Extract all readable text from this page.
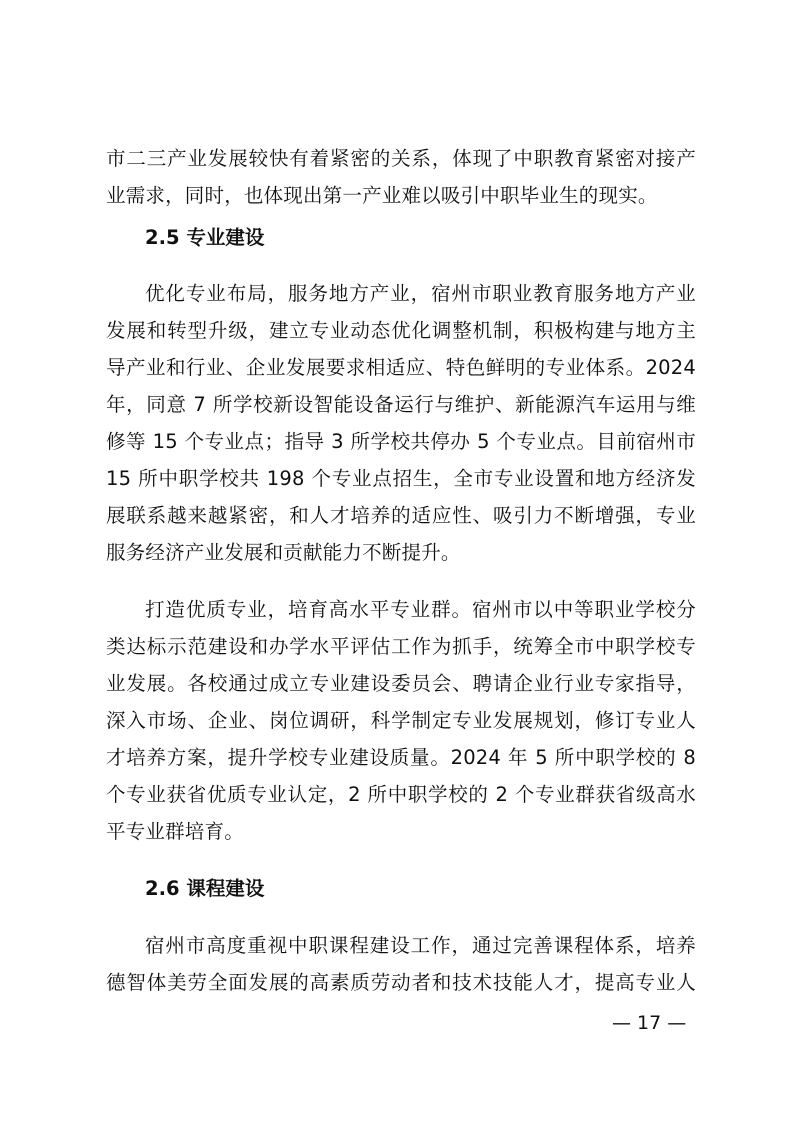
市二三产业发展较快有着紧密的关系，体现了中职教育紧密对接产
业需求，同时，也体现出第一产业难以吸引中职毕业生的现实。
2.5 专业建设
优化专业布局，服务地方产业，宿州市职业教育服务地方产业
发展和转型升级，建立专业动态优化调整机制，积极构建与地方主
导产业和行业、企业发展要求相适应、特色鲜明的专业体系。2024
年，同意 7 所学校新设智能设备运行与维护、新能源汽车运用与维
修等 15 个专业点；指导 3 所学校共停办 5 个专业点。目前宿州市
15 所中职学校共 198 个专业点招生，全市专业设置和地方经济发
展联系越来越紧密，和人才培养的适应性、吸引力不断增强，专业
服务经济产业发展和贡献能力不断提升。
打造优质专业，培育高水平专业群。宿州市以中等职业学校分
类达标示范建设和办学水平评估工作为抓手，统筹全市中职学校专
业发展。各校通过成立专业建设委员会、聘请企业行业专家指导，
深入市场、企业、岗位调研，科学制定专业发展规划，修订专业人
才培养方案，提升学校专业建设质量。2024 年 5 所中职学校的 8
个专业获省优质专业认定，2 所中职学校的 2 个专业群获省级高水
平专业群培育。
2.6 课程建设
宿州市高度重视中职课程建设工作，通过完善课程体系，培养
德智体美劳全面发展的高素质劳动者和技术技能人才，提高专业人
— 17 —
